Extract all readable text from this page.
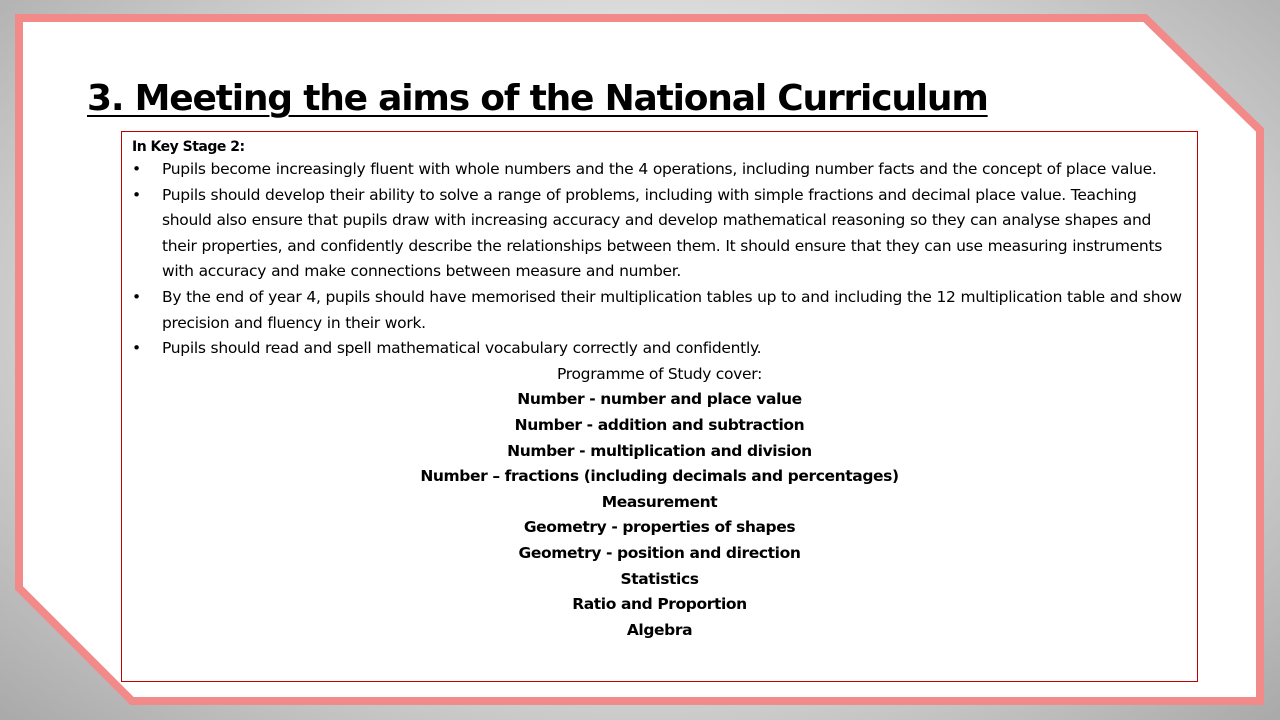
3. Meeting the aims of the National Curriculum

In Key Stage 2:

• Pupils become increasingly fluent with whole numbers and the 4 operations, including number facts and the concept of place value.
• Pupils should develop their ability to solve a range of problems, including with simple fractions and decimal place value. Teaching should also ensure that pupils draw with increasing accuracy and develop mathematical reasoning so they can analyse shapes and their properties, and confidently describe the relationships between them. It should ensure that they can use measuring instruments with accuracy and make connections between measure and number.
• By the end of year 4, pupils should have memorised their multiplication tables up to and including the 12 multiplication table and show precision and fluency in their work.
• Pupils should read and spell mathematical vocabulary correctly and confidently.

Programme of Study cover:

Number - number and place value
Number - addition and subtraction
Number - multiplication and division
Number – fractions (including decimals and percentages)
Measurement
Geometry - properties of shapes
Geometry - position and direction
Statistics
Ratio and Proportion
Algebra
